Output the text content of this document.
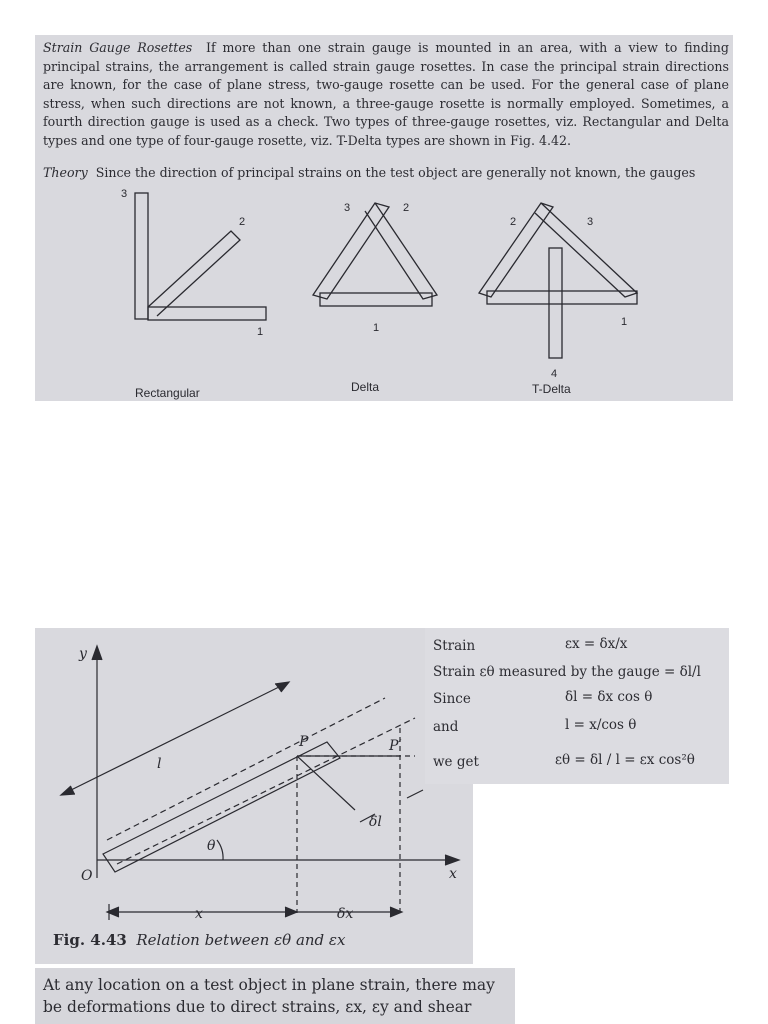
Strain Gauge Rosettes If more than one strain gauge is mounted in an area, with a view to finding principal strains, the arrangement is called strain gauge rosettes. In case the principal strain directions are known, for the case of plane stress, two-gauge rosette can be used. For the general case of plane stress, when such directions are not known, a three-gauge rosette is normally employed. Sometimes, a fourth direction gauge is used as a check. Two types of three-gauge rosettes, viz. Rectangular and Delta types and one type of four-gauge rosette, viz. T-Delta types are shown in Fig. 4.42.
Theory Since the direction of principal strains on the test object are generally not known, the gauges
3
2
1
Rectangular
3	2
1
Delta
2	3
1
4
T-Delta
y
x
O
θ
l
P	P′
δl
δx
x
Fig. 4.43 Relation between εθ and εx
Strain	εx = δx/x
Strain εθ measured by the gauge = δl/l
Since	δl = δx cos θ
and	l = x/cos θ
we get	εθ = δl / l = εx cos²θ
At any location on a test object in plane strain, there may be deformations due to direct strains, εx, εy and shear
